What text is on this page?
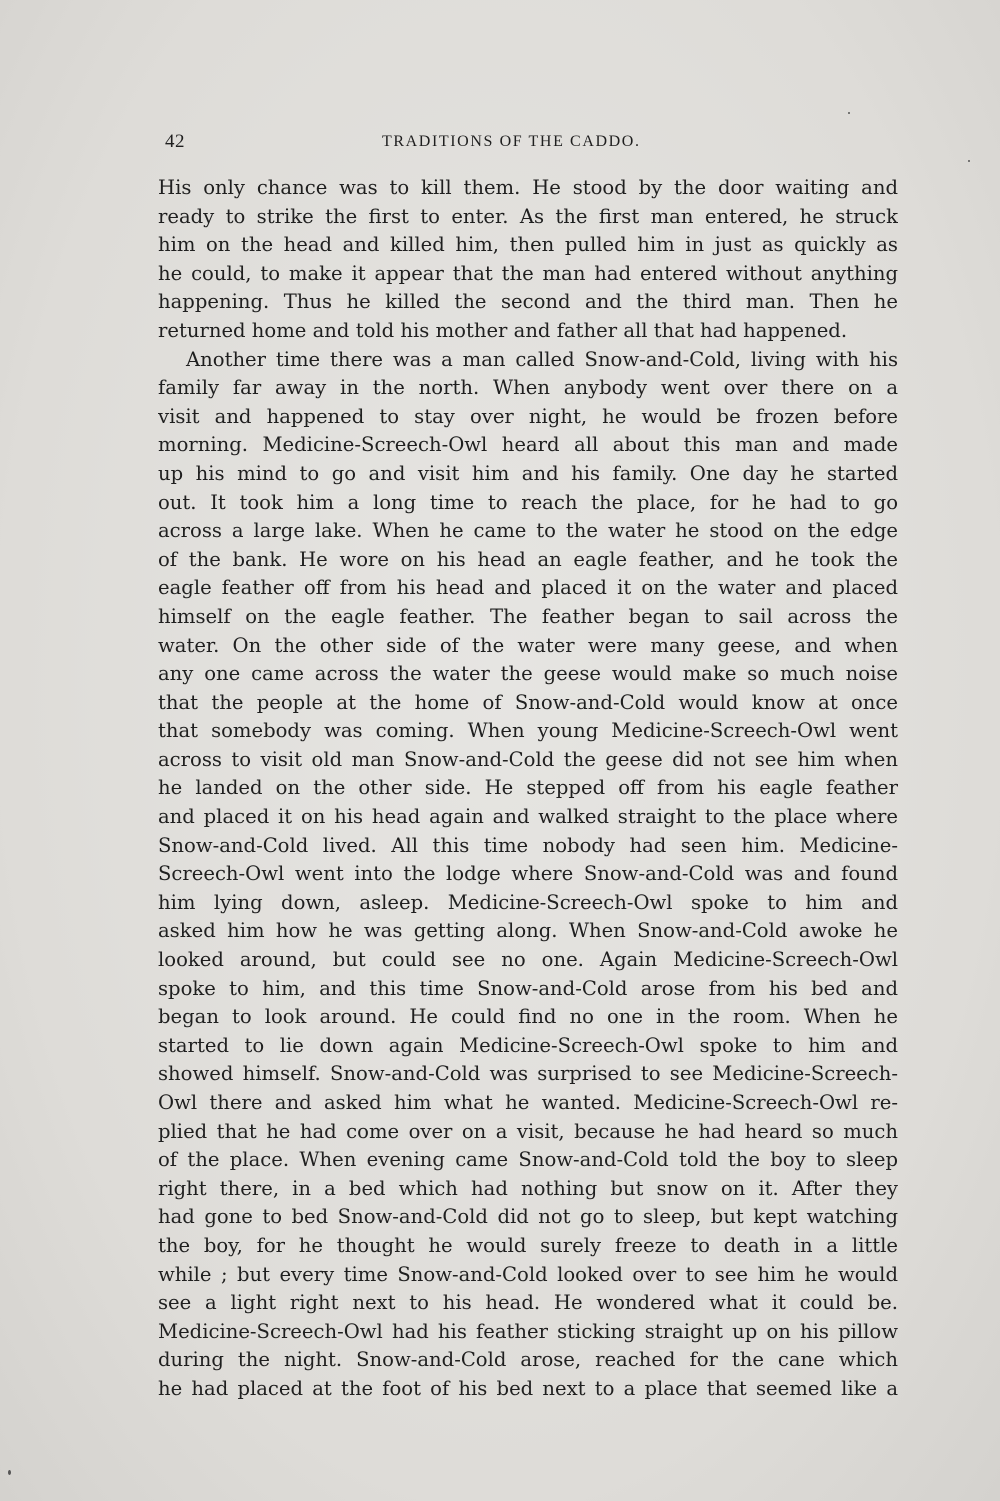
42	TRADITIONS OF THE CADDO.
His only chance was to kill them. He stood by the door waiting and
ready to strike the first to enter. As the first man entered, he struck
him on the head and killed him, then pulled him in just as quickly as
he could, to make it appear that the man had entered without anything
happening. Thus he killed the second and the third man. Then he
returned home and told his mother and father all that had happened.
Another time there was a man called Snow-and-Cold, living with his
family far away in the north. When anybody went over there on a
visit and happened to stay over night, he would be frozen before
morning. Medicine-Screech-Owl heard all about this man and made
up his mind to go and visit him and his family. One day he started
out. It took him a long time to reach the place, for he had to go
across a large lake. When he came to the water he stood on the edge
of the bank. He wore on his head an eagle feather, and he took the
eagle feather off from his head and placed it on the water and placed
himself on the eagle feather. The feather began to sail across the
water. On the other side of the water were many geese, and when
any one came across the water the geese would make so much noise
that the people at the home of Snow-and-Cold would know at once
that somebody was coming. When young Medicine-Screech-Owl went
across to visit old man Snow-and-Cold the geese did not see him when
he landed on the other side. He stepped off from his eagle feather
and placed it on his head again and walked straight to the place where
Snow-and-Cold lived. All this time nobody had seen him. Medicine-
Screech-Owl went into the lodge where Snow-and-Cold was and found
him lying down, asleep. Medicine-Screech-Owl spoke to him and
asked him how he was getting along. When Snow-and-Cold awoke he
looked around, but could see no one. Again Medicine-Screech-Owl
spoke to him, and this time Snow-and-Cold arose from his bed and
began to look around. He could find no one in the room. When he
started to lie down again Medicine-Screech-Owl spoke to him and
showed himself. Snow-and-Cold was surprised to see Medicine-Screech-
Owl there and asked him what he wanted. Medicine-Screech-Owl re-
plied that he had come over on a visit, because he had heard so much
of the place. When evening came Snow-and-Cold told the boy to sleep
right there, in a bed which had nothing but snow on it. After they
had gone to bed Snow-and-Cold did not go to sleep, but kept watching
the boy, for he thought he would surely freeze to death in a little
while ; but every time Snow-and-Cold looked over to see him he would
see a light right next to his head. He wondered what it could be.
Medicine-Screech-Owl had his feather sticking straight up on his pillow
during the night. Snow-and-Cold arose, reached for the cane which
he had placed at the foot of his bed next to a place that seemed like a
